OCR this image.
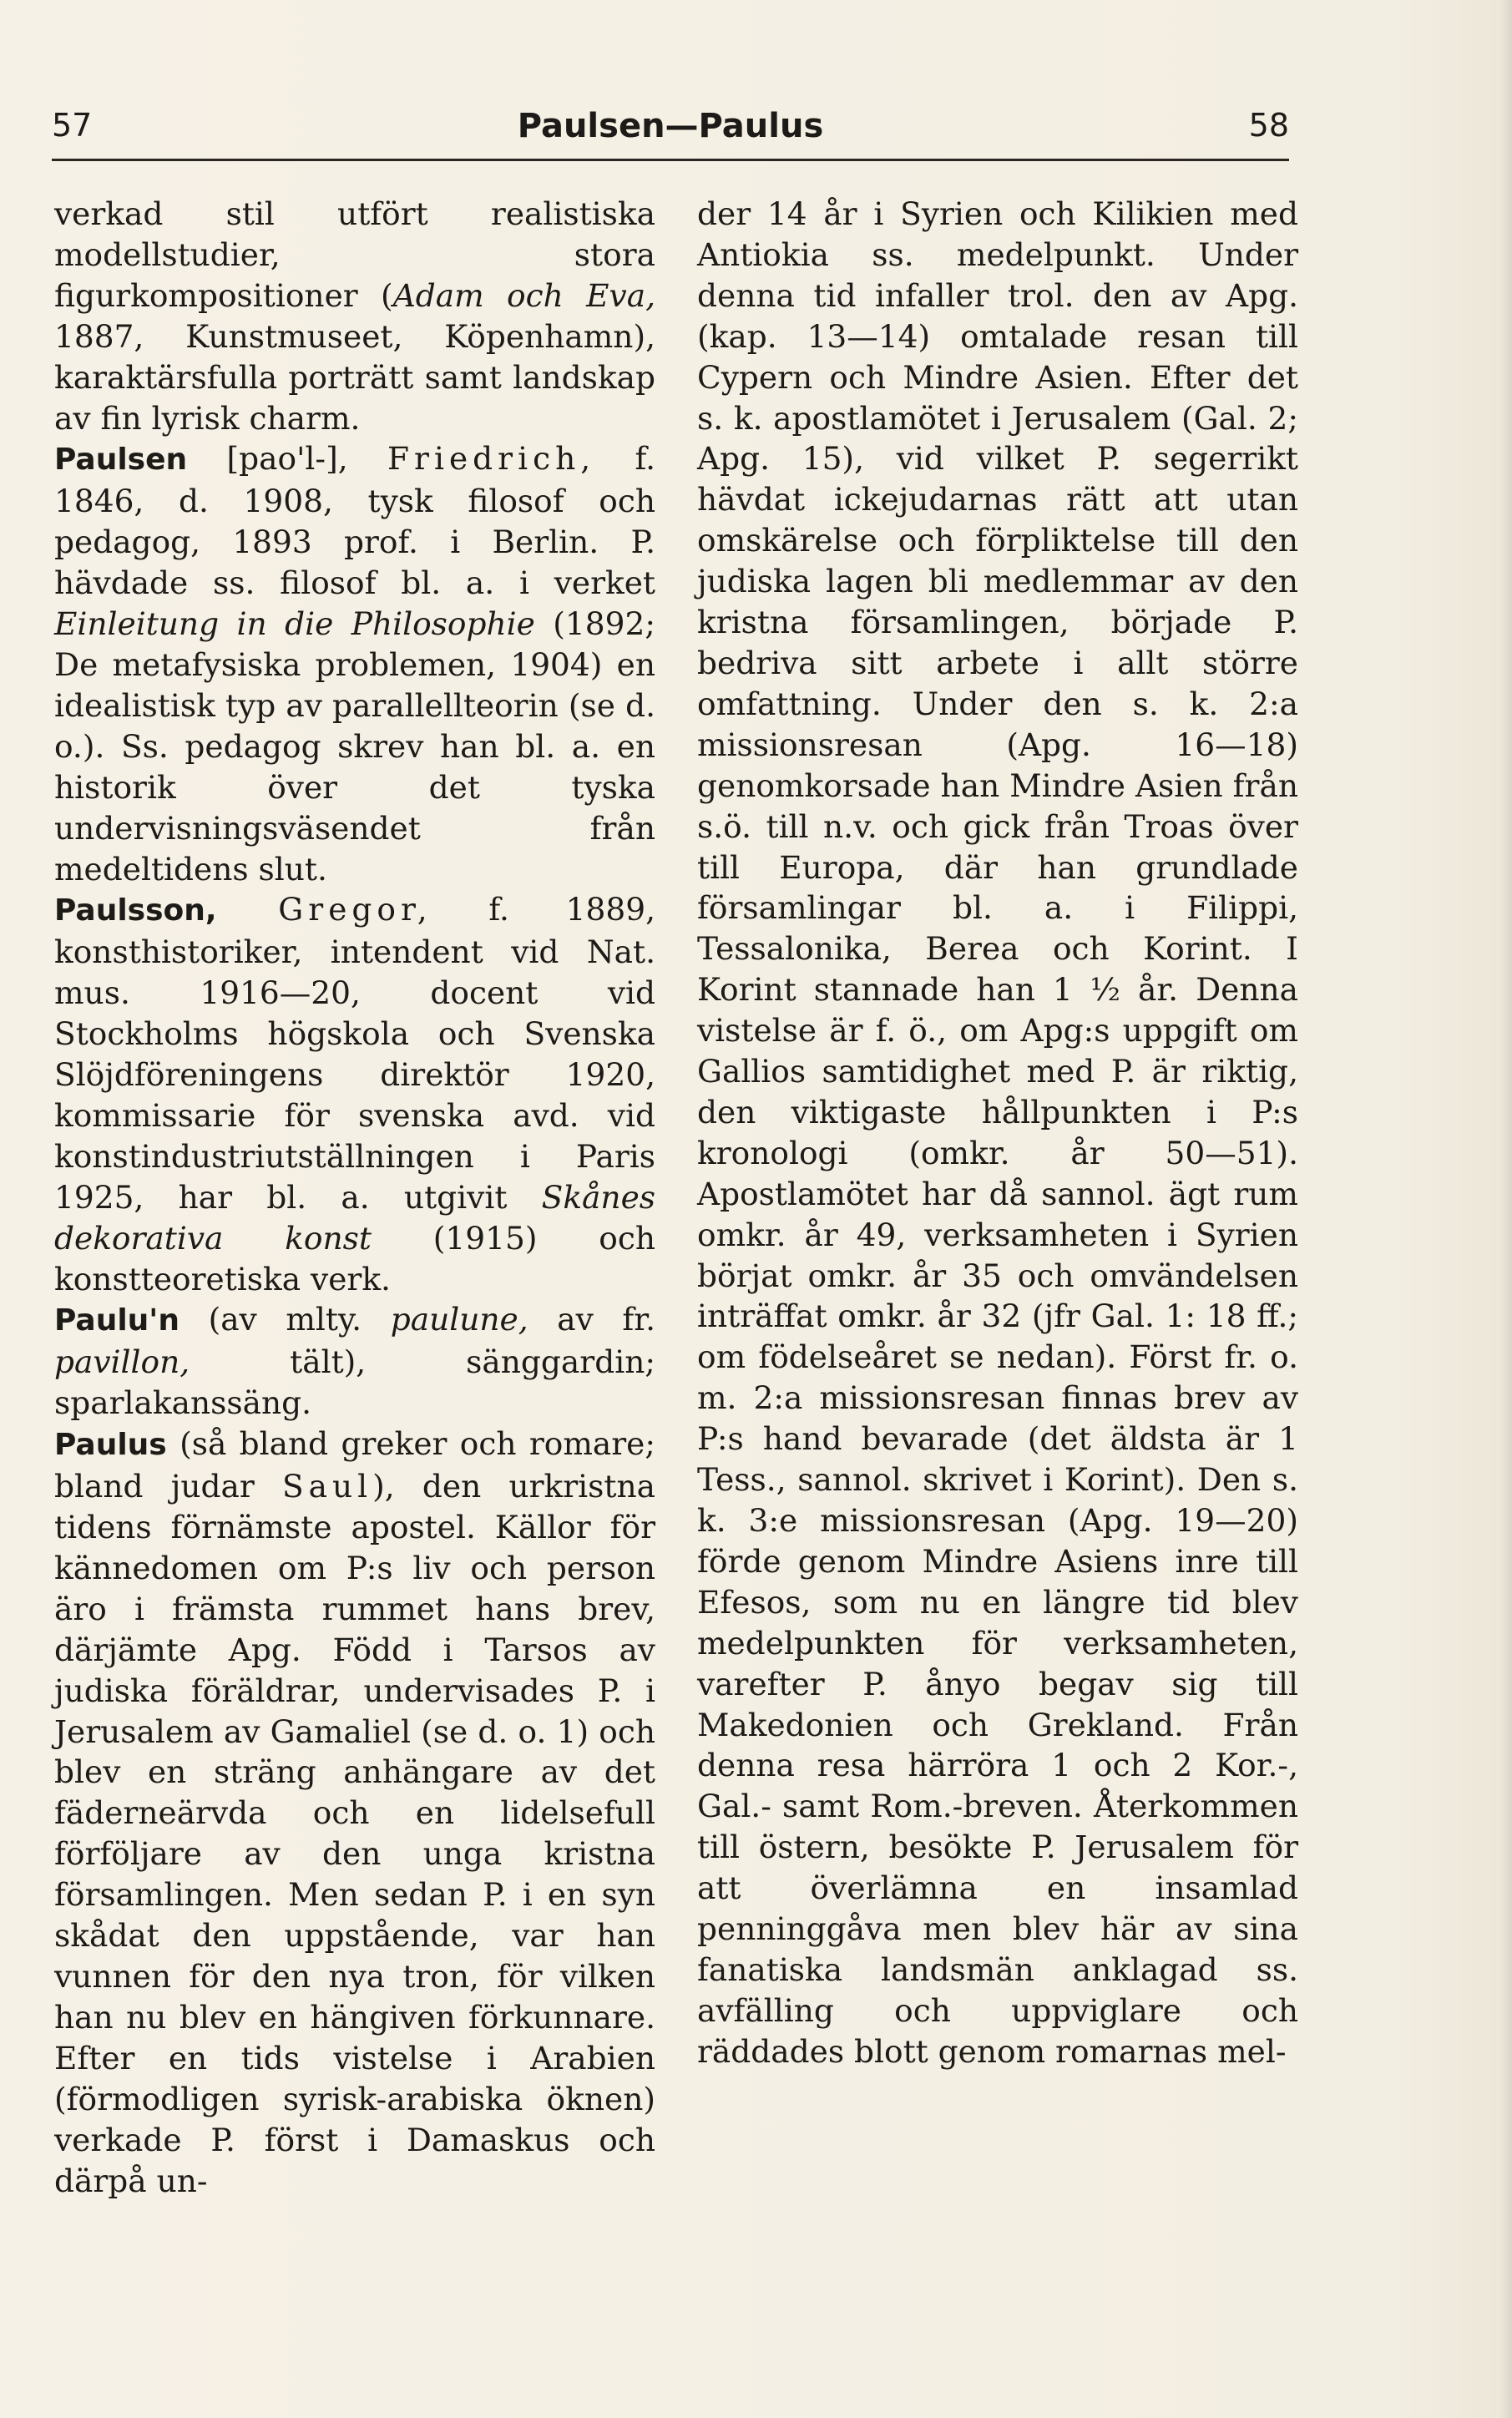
57	Paulsen—Paulus	58

verkad stil utfört realistiska modellstudier, stora figurkompositioner (Adam och Eva, 1887, Kunstmuseet, Köpenhamn), karaktärsfulla porträtt samt landskap av fin lyrisk charm.

Paulsen [pao'l-], Friedrich, f. 1846, d. 1908, tysk filosof och pedagog, 1893 prof. i Berlin. P. hävdade ss. filosof bl. a. i verket Einleitung in die Philosophie (1892; De metafysiska problemen, 1904) en idealistisk typ av parallellteorin (se d. o.). Ss. pedagog skrev han bl. a. en historik över det tyska undervisningsväsendet från medeltidens slut.

Paulsson, Gregor, f. 1889, konsthistoriker, intendent vid Nat. mus. 1916—20, docent vid Stockholms högskola och Svenska Slöjdföreningens direktör 1920, kommissarie för svenska avd. vid konstindustriutställningen i Paris 1925, har bl. a. utgivit Skånes dekorativa konst (1915) och konstteoretiska verk.

Paulu'n (av mlty. paulune, av fr. pavillon, tält), sänggardin; sparlakanssäng.

Paulus (så bland greker och romare; bland judar Saul), den urkristna tidens förnämste apostel. Källor för kännedomen om P:s liv och person äro i främsta rummet hans brev, därjämte Apg. Född i Tarsos av judiska föräldrar, undervisades P. i Jerusalem av Gamaliel (se d. o. 1) och blev en sträng anhängare av det fäderneärvda och en lidelsefull förföljare av den unga kristna församlingen. Men sedan P. i en syn skådat den uppstående, var han vunnen för den nya tron, för vilken han nu blev en hängiven förkunnare. Efter en tids vistelse i Arabien (förmodligen syrisk-arabiska öknen) verkade P. först i Damaskus och därpå un-

der 14 år i Syrien och Kilikien med Antiokia ss. medelpunkt. Under denna tid infaller trol. den av Apg. (kap. 13—14) omtalade resan till Cypern och Mindre Asien. Efter det s. k. apostlamötet i Jerusalem (Gal. 2; Apg. 15), vid vilket P. segerrikt hävdat ickejudarnas rätt att utan omskärelse och förpliktelse till den judiska lagen bli medlemmar av den kristna församlingen, började P. bedriva sitt arbete i allt större omfattning. Under den s. k. 2:a missionsresan (Apg. 16—18) genomkorsade han Mindre Asien från s.ö. till n.v. och gick från Troas över till Europa, där han grundlade församlingar bl. a. i Filippi, Tessalonika, Berea och Korint. I Korint stannade han 1 ½ år. Denna vistelse är f. ö., om Apg:s uppgift om Gallios samtidighet med P. är riktig, den viktigaste hållpunkten i P:s kronologi (omkr. år 50—51). Apostlamötet har då sannol. ägt rum omkr. år 49, verksamheten i Syrien börjat omkr. år 35 och omvändelsen inträffat omkr. år 32 (jfr Gal. 1: 18 ff.; om födelseåret se nedan). Först fr. o. m. 2:a missionsresan finnas brev av P:s hand bevarade (det äldsta är 1 Tess., sannol. skrivet i Korint). Den s. k. 3:e missionsresan (Apg. 19—20) förde genom Mindre Asiens inre till Efesos, som nu en längre tid blev medelpunkten för verksamheten, varefter P. ånyo begav sig till Makedonien och Grekland. Från denna resa härröra 1 och 2 Kor.-, Gal.- samt Rom.-breven. Återkommen till östern, besökte P. Jerusalem för att överlämna en insamlad penninggåva men blev här av sina fanatiska landsmän anklagad ss. avfälling och uppviglare och räddades blott genom romarnas mel-
